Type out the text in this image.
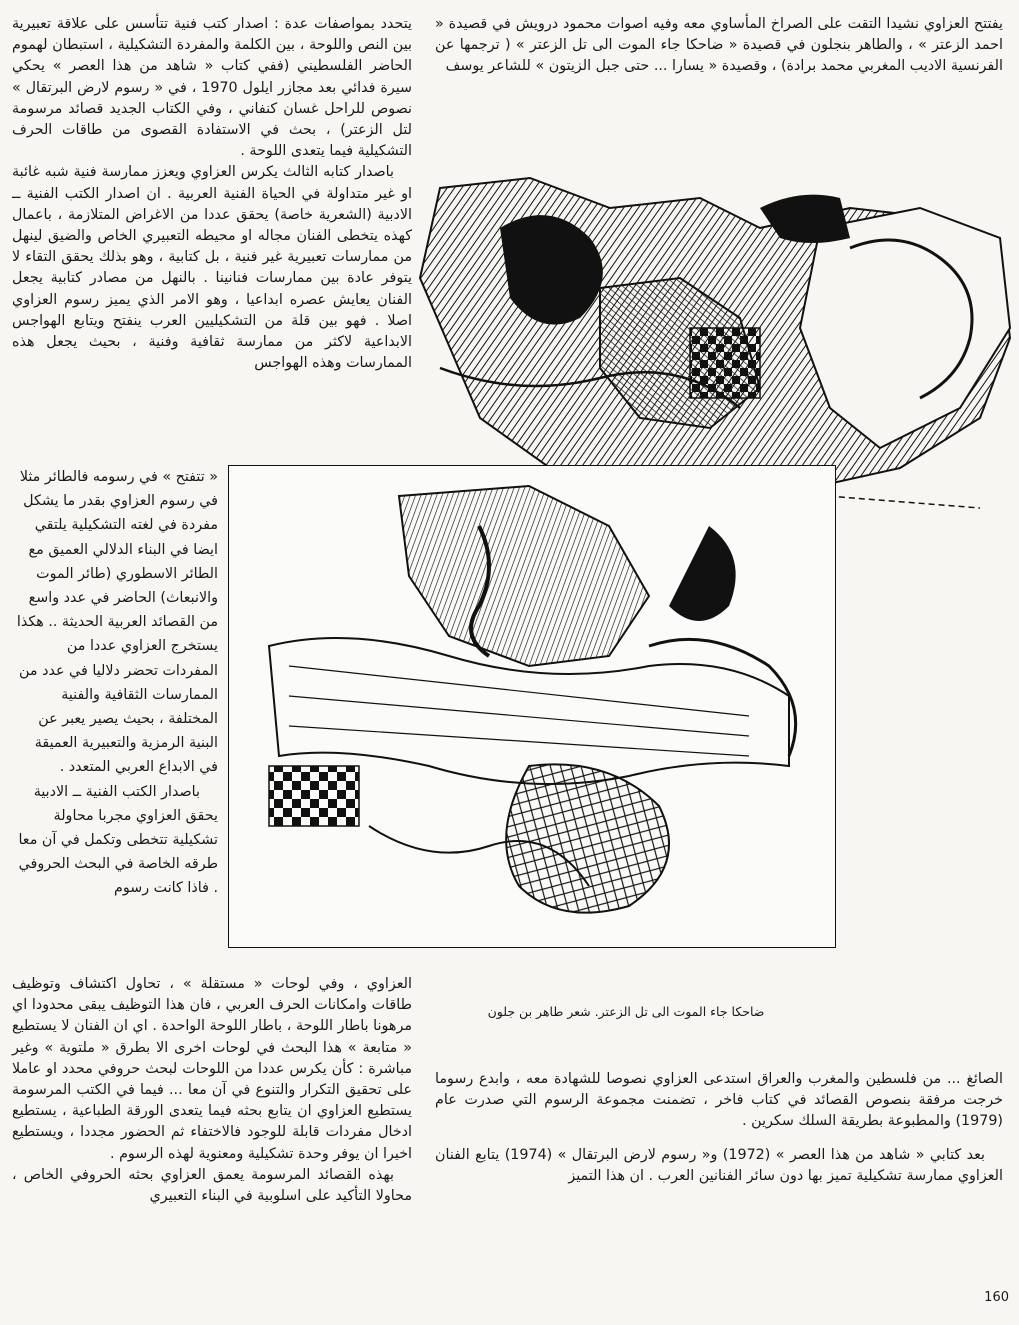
يفتتح العزاوي نشيدا التقت على الصراخ المأساوي معه وفيه اصوات محمود درويش في قصيدة « احمد الزعتر » ، والطاهر بنجلون في قصيدة « ضاحكا جاء الموت الى تل الزعتر » ( ترجمها عن الفرنسية الاديب المغربي محمد برادة) ، وقصيدة « يسارا ... حتى جبل الزيتون » للشاعر يوسف

يتحدد بمواصفات عدة : اصدار كتب فنية تتأسس على علاقة تعبيرية بين النص واللوحة ، بين الكلمة والمفردة التشكيلية ، استبطان لهموم الحاضر الفلسطيني (ففي كتاب « شاهد من هذا العصر » يحكي سيرة فدائي بعد مجازر ايلول 1970 ، في « رسوم لارض البرتقال » نصوص للراحل غسان كنفاني ، وفي الكتاب الجديد قصائد مرسومة لتل الزعتر) ، بحث في الاستفادة القصوى من طاقات الحرف التشكيلية فيما يتعدى اللوحة .

باصدار كتابه الثالث يكرس العزاوي ويعزز ممارسة فنية شبه غائبة او غير متداولة في الحياة الفنية العربية . ان اصدار الكتب الفنية ــ الادبية (الشعرية خاصة) يحقق عددا من الاغراض المتلازمة ، باعمال كهذه يتخطى الفنان مجاله او محيطه التعبيري الخاص والضيق لينهل من ممارسات تعبيرية غير فنية ، بل كتابية ، وهو بذلك يحقق التقاء لا يتوفر عادة بين ممارسات فنانينا . بالنهل من مصادر كتابية يجعل الفنان يعايش عصره ابداعيا ، وهو الامر الذي يميز رسوم العزاوي اصلا . فهو بين قلة من التشكيليين العرب ينفتح ويتابع الهواجس الابداعية لاكثر من ممارسة ثقافية وفنية ، بحيث يجعل هذه الممارسات وهذه الهواجس

ضاحكا جاء الموت الى تل الزعتر. شعر طاهر بن جلون

« تتفتح » في رسومه فالطائر مثلا في رسوم العزاوي بقدر ما يشكل مفردة في لغته التشكيلية يلتقي ايضا في البناء الدلالي العميق مع الطائر الاسطوري (طائر الموت والانبعاث) الحاضر في عدد واسع من القصائد العربية الحديثة .. هكذا يستخرج العزاوي عددا من المفردات تحضر دلاليا في عدد من الممارسات الثقافية والفنية المختلفة ، بحيث يصير يعبر عن البنية الرمزية والتعبيرية العميقة في الابداع العربي المتعدد .

باصدار الكتب الفنية ــ الادبية يحقق العزاوي مجربا محاولة تشكيلية تتخطى وتكمل في آن معا طرقه الخاصة في البحث الحروفي . فاذا كانت رسوم

العزاوي ، وفي لوحات « مستقلة » ، تحاول اكتشاف وتوظيف طاقات وامكانات الحرف العربي ، فان هذا التوظيف يبقى محدودا اي مرهونا باطار اللوحة ، باطار اللوحة الواحدة . اي ان الفنان لا يستطيع « متابعة » هذا البحث في لوحات اخرى الا بطرق « ملتوية » وغير مباشرة : كأن يكرس عددا من اللوحات لبحث حروفي محدد او عاملا على تحقيق التكرار والتنوع في آن معا ... فيما في الكتب المرسومة يستطيع العزاوي ان يتابع بحثه فيما يتعدى الورقة الطباعية ، يستطيع ادخال مفردات قابلة للوجود فالاختفاء ثم الحضور مجددا ، ويستطيع اخيرا ان يوفر وحدة تشكيلية ومعنوية لهذه الرسوم .

بهذه القصائد المرسومة يعمق العزاوي بحثه الحروفي الخاص ، محاولا التأكيد على اسلوبية في البناء التعبيري

الصائغ ... من فلسطين والمغرب والعراق استدعى العزاوي نصوصا للشهادة معه ، وابدع رسوما خرجت مرفقة بنصوص القصائد في كتاب فاخر ، تضمنت مجموعة الرسوم التي صدرت عام (1979) والمطبوعة بطريقة السلك سكرين .

بعد كتابي « شاهد من هذا العصر » (1972) و« رسوم لارض البرتقال » (1974) يتابع الفنان العزاوي ممارسة تشكيلية تميز بها دون سائر الفنانين العرب . ان هذا التميز

160
